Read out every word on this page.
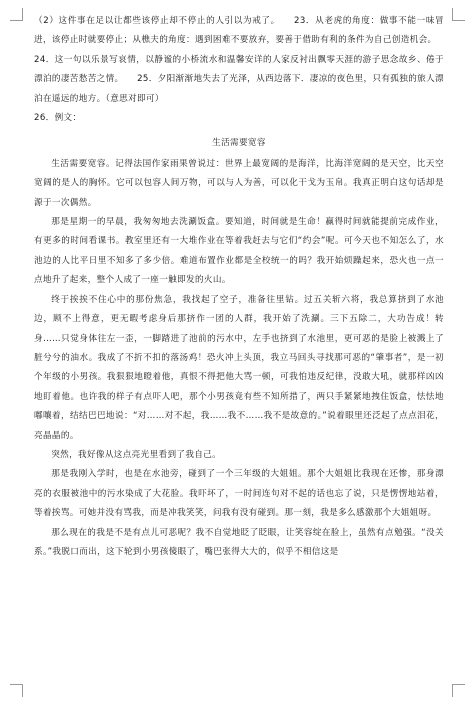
（2）这件事在足以让都些该停止却不停止的人引以为戒了。　　23．从老虎的角度：做事不能一味冒进，该停止时就要停止；从樵夫的角度：遇到困难不要放弃，要善于借助有利的条件为自己创造机会。

24．这一句以乐景写哀情，以静谧的小桥流水和温馨安详的人家反衬出飘零天涯的游子思念故乡、倦于漂泊的凄苦愁苦之情。　　25．夕阳渐渐地失去了光泽，从西边落下．凄凉的夜色里，只有孤独的旅人漂泊在遥远的地方。（意思对即可）

26．例文：

生活需要宽容

生活需要宽容。记得法国作家雨果曾说过：世界上最宽阔的是海洋，比海洋宽阔的是天空，比天空宽阔的是人的胸怀。它可以包容人间万物，可以与人为善，可以化干戈为玉帛。我真正明白这句话却是源于一次偶然。

那是星期一的早晨，我匆匆地去洗涮饭盒。要知道，时间就是生命！赢得时间就能提前完成作业，有更多的时间看课书。教室里还有一大堆作业在等着我赶去与它们“约会”呢。可今天也不知怎么了，水池边的人比平日里不知多了多少倍。难道布置作业都是全校统一的吗？我开始烦躁起来，恐火也一点一点地升了起来，整个人成了一座一触即发的火山。

终于挨挨不住心中的那份焦急，我找起了空子，准备往里钻。过五关斩六将，我总算挤到了水池边，顾不上得意，更无暇考虑身后那挤作一团的人群，我开始了洗涮。三下五除二，大功告成！转身……只觉身体往左一歪，一脚踏进了池前的污水中，左手也挤到了水池里，更可恶的是脸上被溅上了脏兮兮的油水。我成了不折不扣的落汤鸡！恐火冲上头顶，我立马回头寻找那可恶的“肇事者”，是一初个年级的小男孩。我狠狠地瞪着他，真恨不得把他大骂一顿，可我怕违反纪律，没敢大吼，就那样凶凶地盯着他。也许我的样子有点吓人吧，那个小男孩竟有些不知所措了，两只手紧紧地拽住饭盒，怯怯地嘟嚷着，结结巴巴地说：“对……对不起，我……我不……我不是故意的。”说着眼里还泛起了点点泪花，亮晶晶的。

突然，我好像从这点亮光里看到了我自己。

那是我刚入学时，也是在水池旁，碰到了一个三年级的大姐姐。那个大姐姐比我现在还惨，那身漂亮的衣服被池中的污水染成了大花脸。我吓坏了，一时间连句对不起的话也忘了说，只是愣愣地站着，等着挨骂。可她并没有骂我，而是冲我笑笑，问我有没有碰到。那一刻，我是多么感激那个大姐姐呀。

那么现在的我是不是有点儿可恶呢？我不自觉地眨了眨眼，让笑容绽在脸上，虽然有点勉强。“没关系。”我脱口而出，这下轮到小男孩傻眼了，嘴巴张得大大的，似乎不相信这是
